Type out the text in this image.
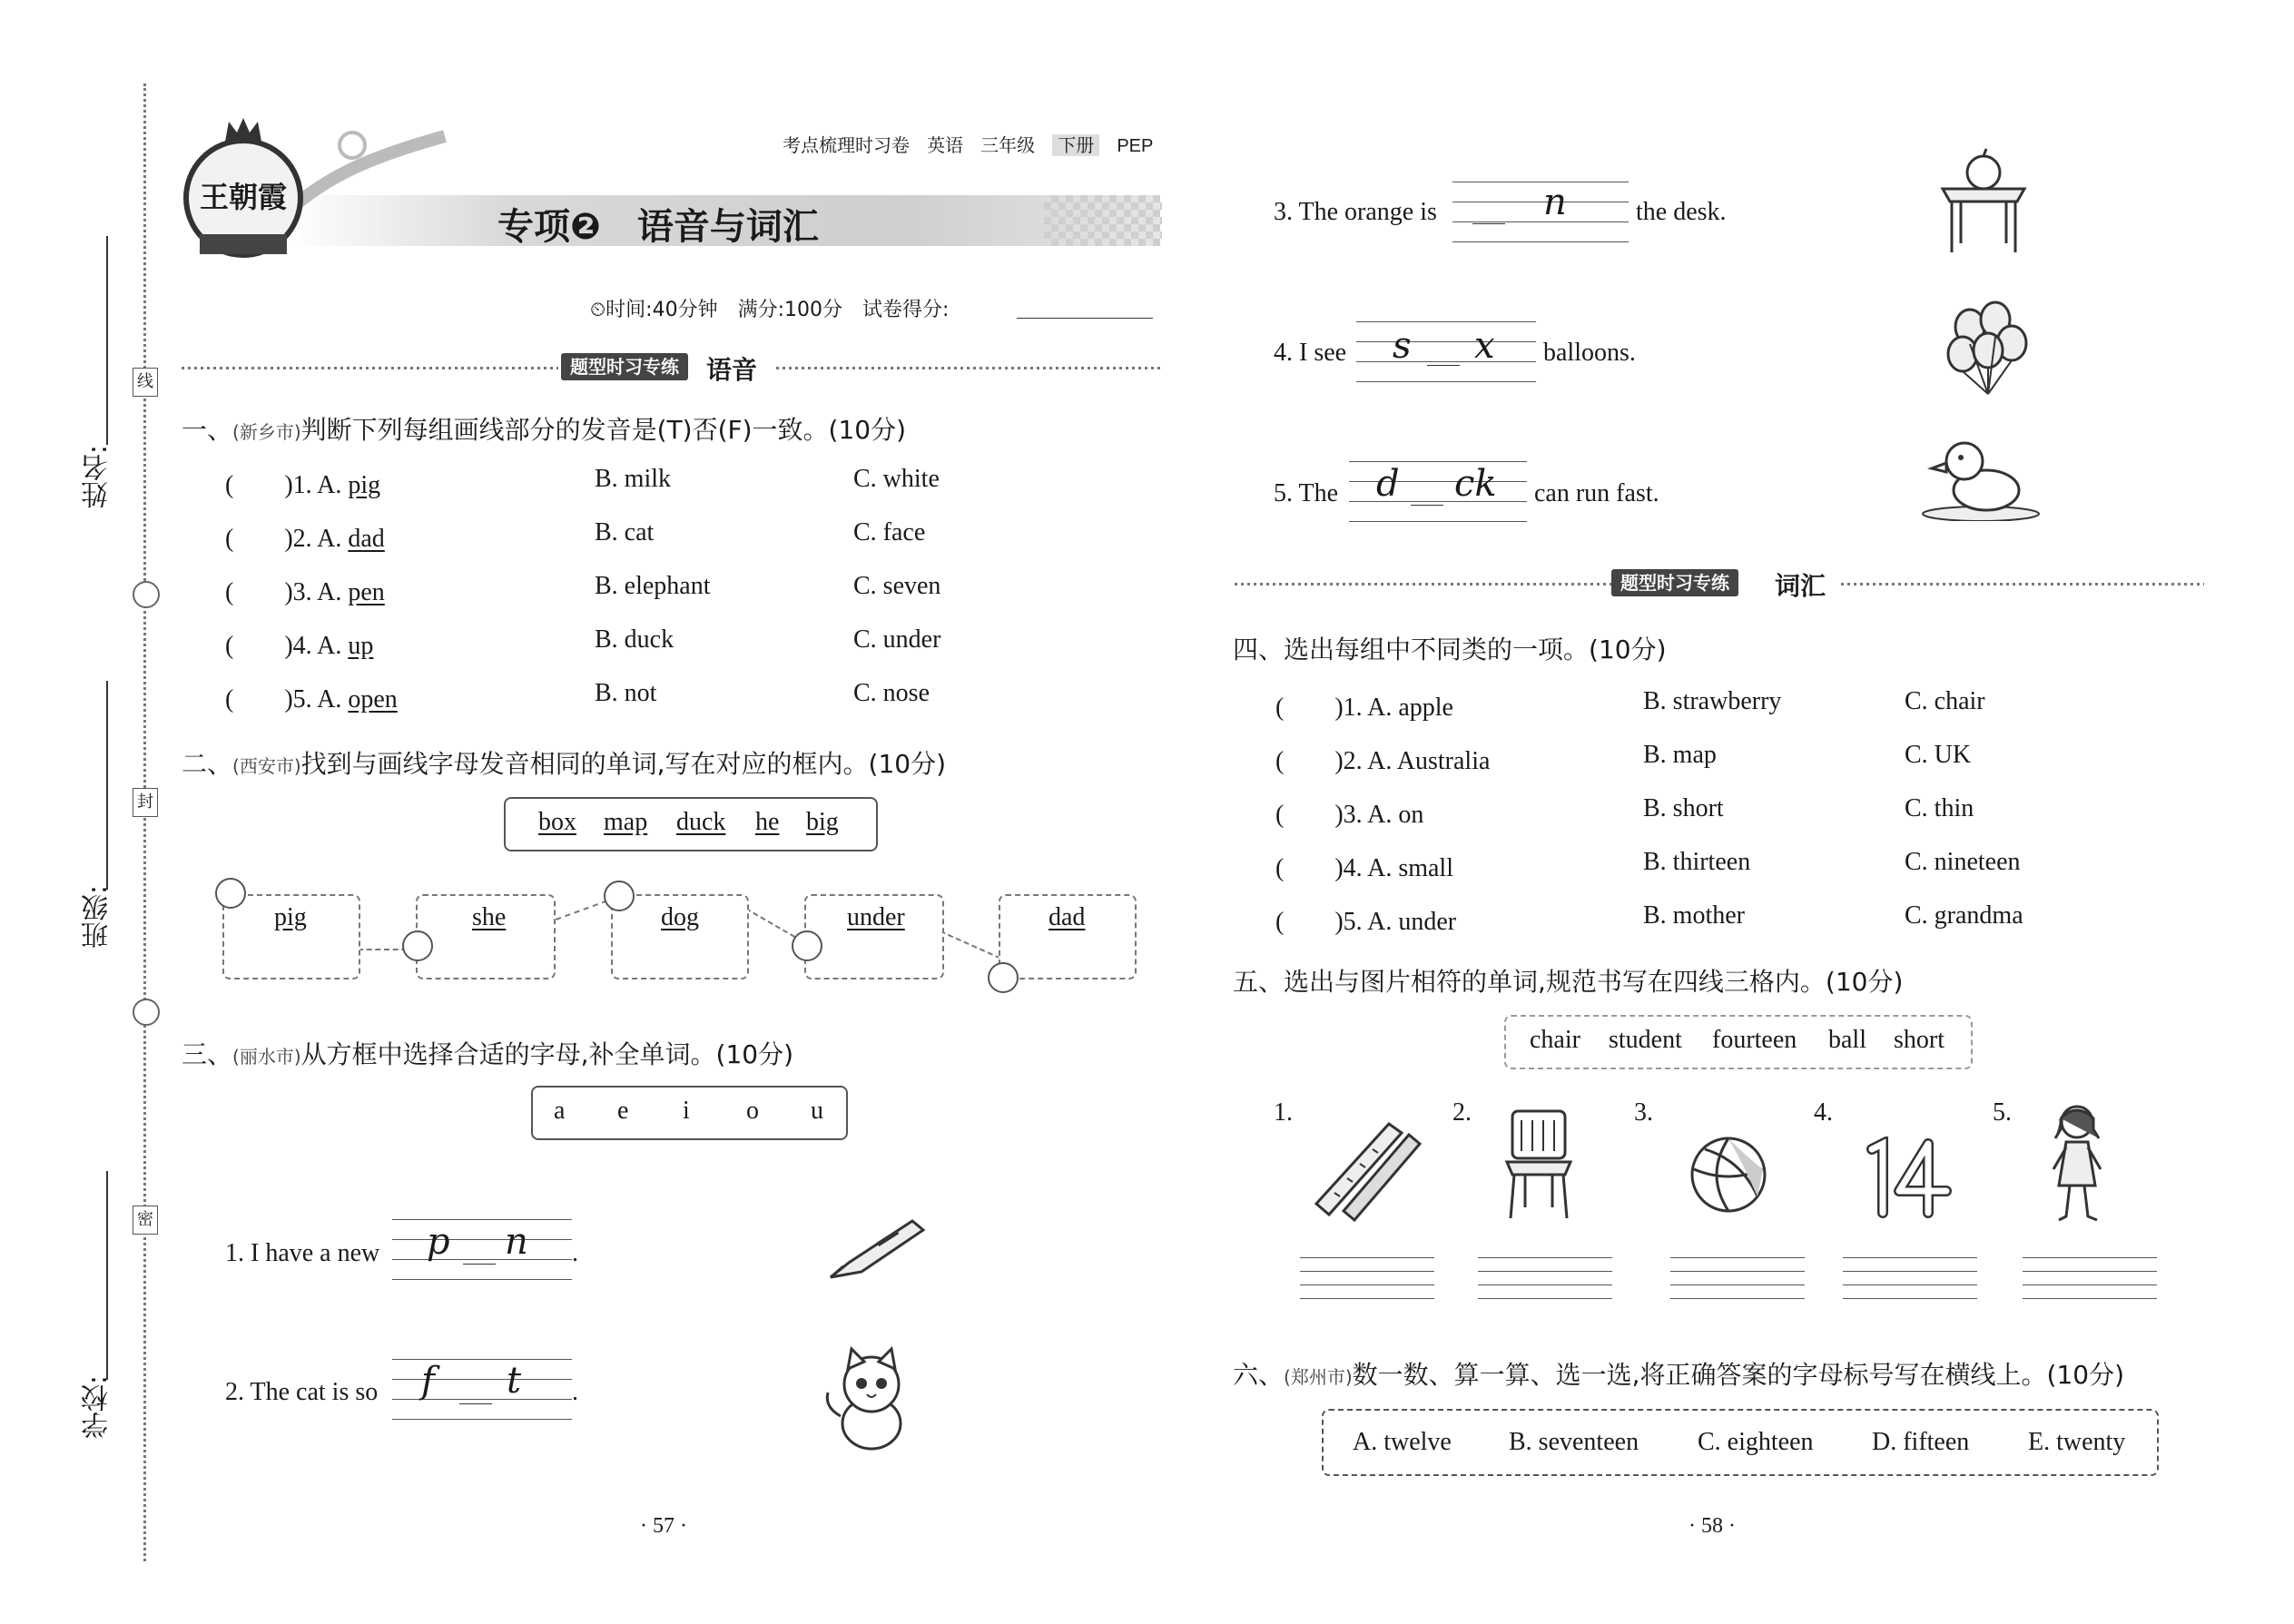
姓名:
班级:
学校:
线
封
密
考点梳理时习卷 英语 三年级 下册 PEP
王朝霞
专项❷　语音与词汇
⏲时间:40分钟　满分:100分　试卷得分:
题型时习专练	语音
一、(新乡市)判断下列每组画线部分的发音是(T)否(F)一致。(10分)
(　　)1. A. pig	B. milk	C. white
(　　)2. A. dad	B. cat	C. face
(　　)3. A. pen	B. elephant	C. seven
(　　)4. A. up	B. duck	C. under
(　　)5. A. open	B. not	C. nose
二、(西安市)找到与画线字母发音相同的单词,写在对应的框内。(10分)
box map duck he big
pig	she	dog	under	dad
三、(丽水市)从方框中选择合适的字母,补全单词。(10分)
a e i o u
1. I have a new p n .
2. The cat is so f t .
· 57 ·	· 58 ·
3. The orange is	n	the desk.
4. I see s x balloons.
5. The d ck can run fast.
题型时习专练	词汇
四、选出每组中不同类的一项。(10分)
(　　)1. A. apple	B. strawberry	C. chair
(　　)2. A. Australia	B. map	C. UK
(　　)3. A. on	B. short	C. thin
(　　)4. A. small	B. thirteen	C. nineteen
(　　)5. A. under	B. mother	C. grandma
五、选出与图片相符的单词,规范书写在四线三格内。(10分)
chair student fourteen ball short
1.	2.	3.	4.	5.
六、(郑州市)数一数、算一算、选一选,将正确答案的字母标号写在横线上。(10分)
A. twelve B. seventeen C. eighteen D. fifteen E. twenty
